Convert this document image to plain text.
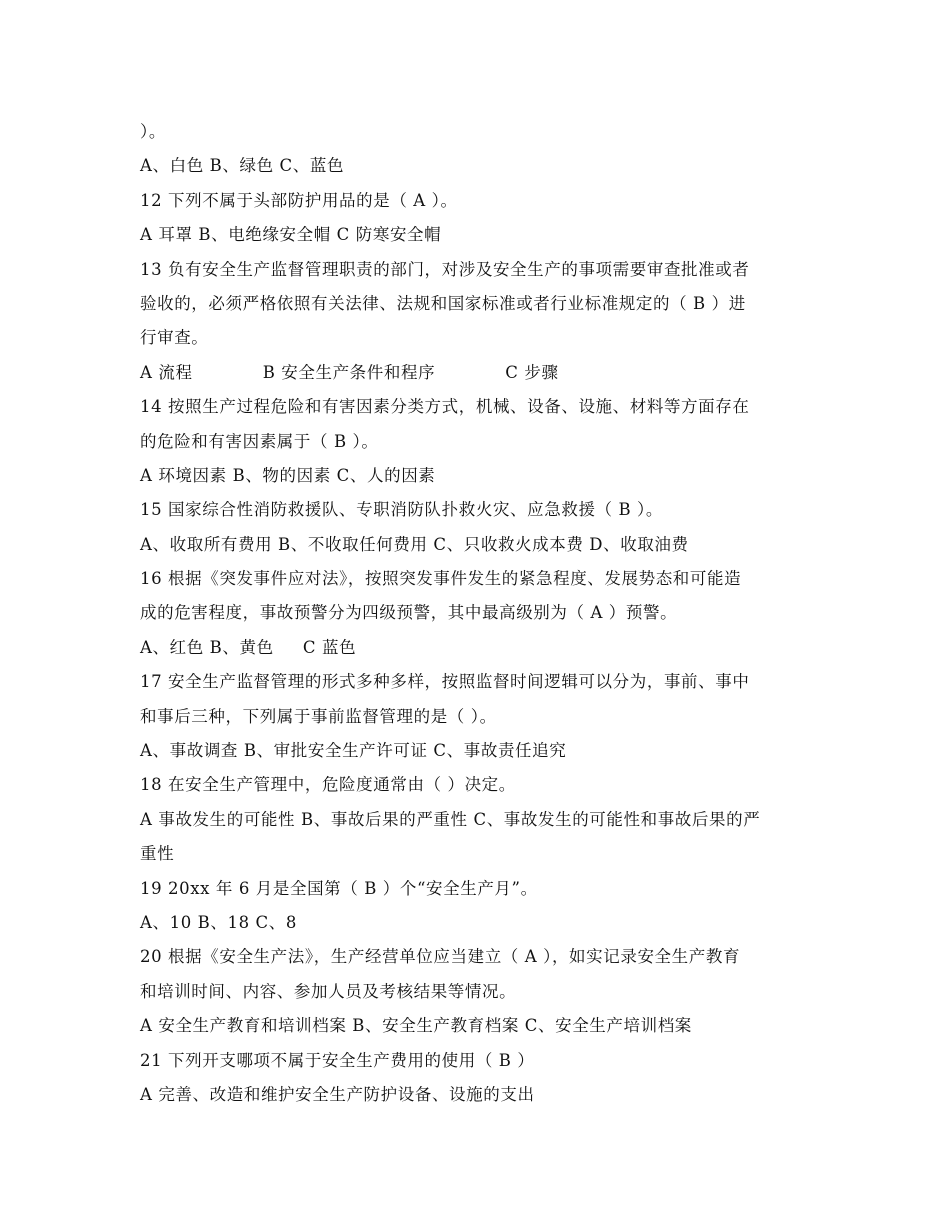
）。
A、白色 B、绿色 C、蓝色
12 下列不属于头部防护用品的是（ A ）。
A 耳罩 B、电绝缘安全帽 C 防寒安全帽
13 负有安全生产监督管理职责的部门，对涉及安全生产的事项需要审查批准或者
验收的，必须严格依照有关法律、法规和国家标准或者行业标准规定的（ B ）进
行审查。
A 流程            B 安全生产条件和程序            C 步骤
14 按照生产过程危险和有害因素分类方式，机械、设备、设施、材料等方面存在
的危险和有害因素属于（ B ）。
A 环境因素 B、物的因素 C、人的因素
15 国家综合性消防救援队、专职消防队扑救火灾、应急救援（ B ）。
A、收取所有费用 B、不收取任何费用 C、只收救火成本费 D、收取油费
16 根据《突发事件应对法》，按照突发事件发生的紧急程度、发展势态和可能造
成的危害程度，事故预警分为四级预警，其中最高级别为（ A ）预警。
A、红色 B、黄色     C 蓝色
17 安全生产监督管理的形式多种多样，按照监督时间逻辑可以分为，事前、事中
和事后三种，下列属于事前监督管理的是（ ）。
A、事故调查 B、审批安全生产许可证 C、事故责任追究
18 在安全生产管理中，危险度通常由（ ）决定。
A 事故发生的可能性 B、事故后果的严重性 C、事故发生的可能性和事故后果的严
重性
19 20xx 年 6 月是全国第（ B ）个“安全生产月”。
A、10 B、18 C、8
20 根据《安全生产法》，生产经营单位应当建立（ A ），如实记录安全生产教育
和培训时间、内容、参加人员及考核结果等情况。
A 安全生产教育和培训档案 B、安全生产教育档案 C、安全生产培训档案
21 下列开支哪项不属于安全生产费用的使用（ B ）
A 完善、改造和维护安全生产防护设备、设施的支出
